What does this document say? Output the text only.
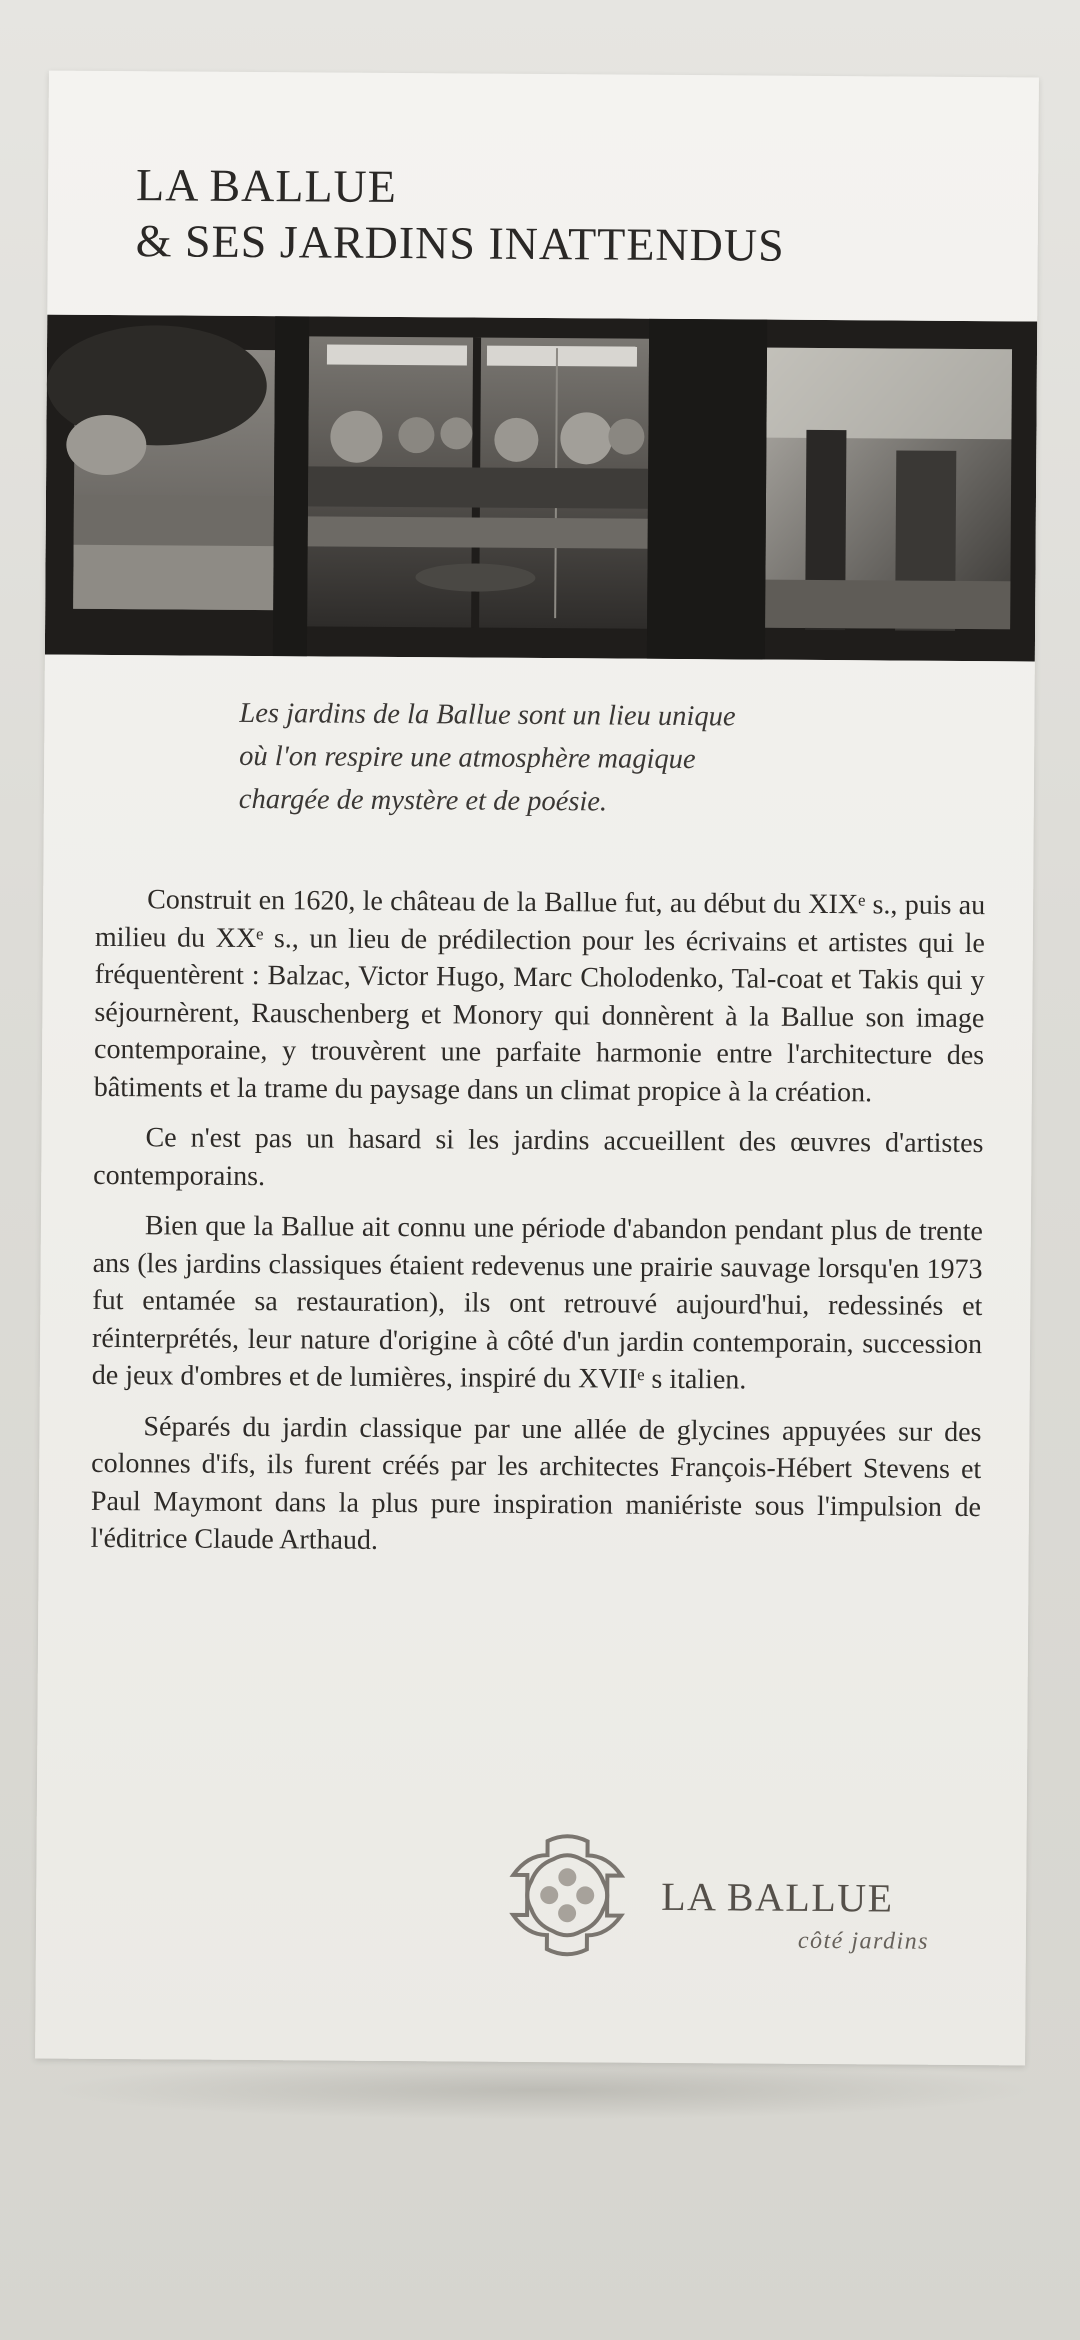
LA BALLUE
& SES JARDINS INATTENDUS
Les jardins de la Ballue sont un lieu unique
où l'on respire une atmosphère magique
chargée de mystère et de poésie.

Construit en 1620, le château de la Ballue fut, au début du XIXᵉ s., puis au milieu du XXᵉ s., un lieu de prédilection pour les écrivains et artistes qui le fréquentèrent : Balzac, Victor Hugo, Marc Cholodenko, Tal-coat et Takis qui y séjournèrent, Rauschenberg et Monory qui donnèrent à la Ballue son image contemporaine, y trouvèrent une parfaite harmonie entre l'architecture des bâtiments et la trame du paysage dans un climat propice à la création.

Ce n'est pas un hasard si les jardins accueillent des œuvres d'artistes contemporains.

Bien que la Ballue ait connu une période d'abandon pendant plus de trente ans (les jardins classiques étaient redevenus une prairie sauvage lorsqu'en 1973 fut entamée sa restauration), ils ont retrouvé aujourd'hui, redessinés et réinterprétés, leur nature d'origine à côté d'un jardin contemporain, succession de jeux d'ombres et de lumières, inspiré du XVIIᵉ s italien.

Séparés du jardin classique par une allée de glycines appuyées sur des colonnes d'ifs, ils furent créés par les architectes François-Hébert Stevens et Paul Maymont dans la plus pure inspiration maniériste sous l'impulsion de l'éditrice Claude Arthaud.

LA BALLUE
côté jardins
